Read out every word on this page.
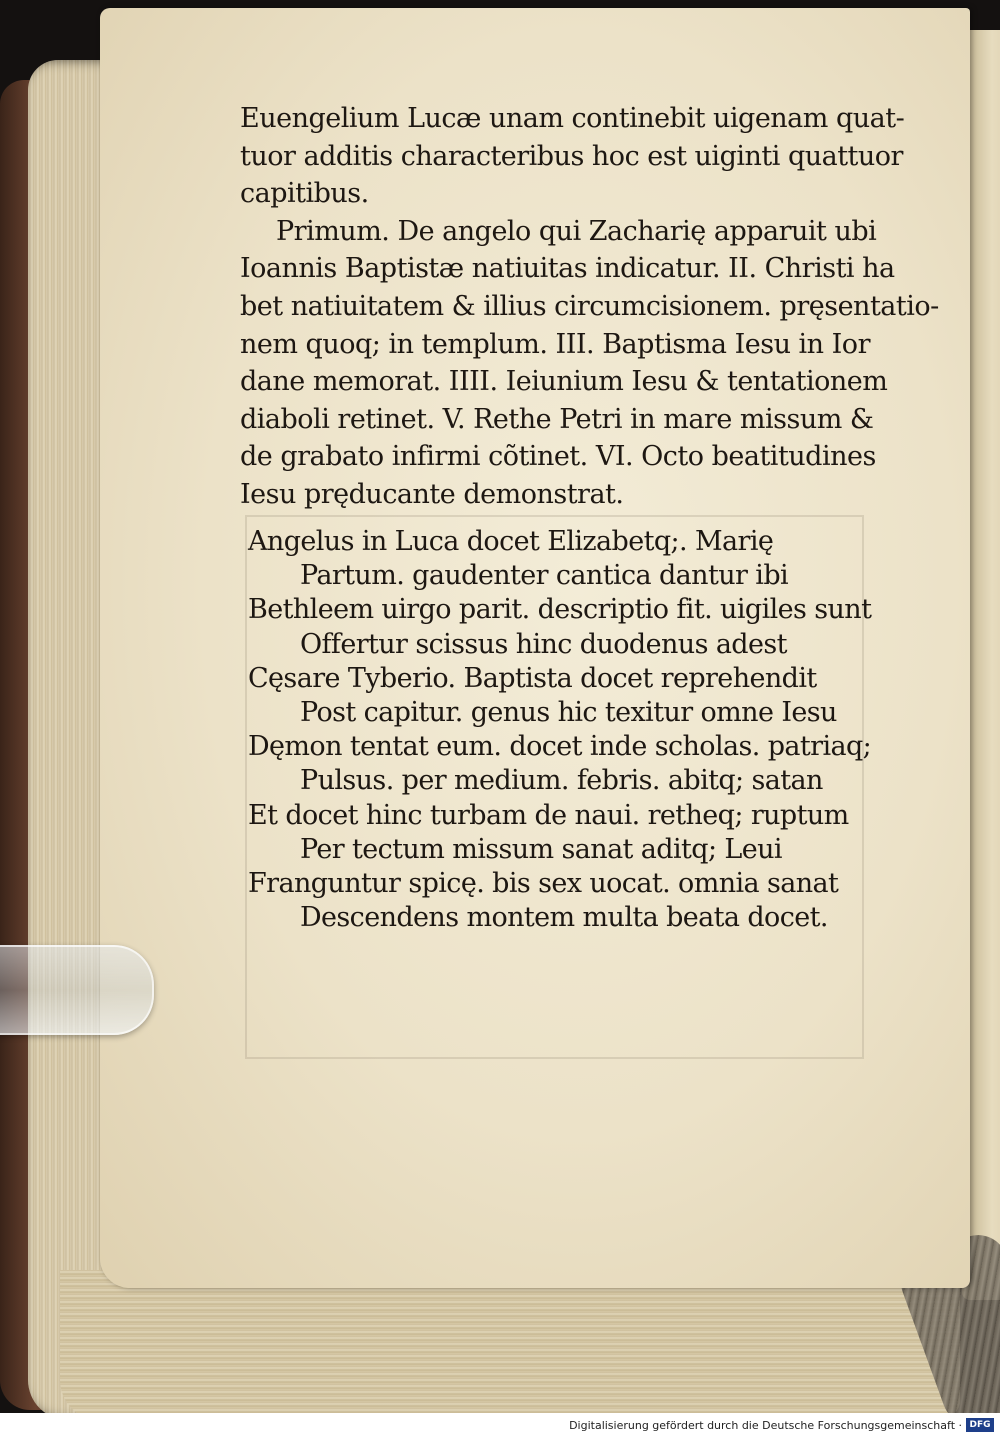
Euengelium Lucæ unam continebit uigenam quat-
tuor additis characteribus hoc est uiginti quattuor
capitibus.
Primum. De angelo qui Zacharię apparuit ubi
Ioannis Baptistæ natiuitas indicatur. II. Christi ha
bet natiuitatem & illius circumcisionem. pręsentatio-
nem quoq; in templum. III. Baptisma Iesu in Ior
dane memorat. IIII. Ieiunium Iesu & tentationem
diaboli retinet. V. Rethe Petri in mare missum &
de grabato infirmi cõtinet. VI. Octo beatitudines
Iesu pręducante demonstrat.
Angelus in Luca docet Elizabetq;. Marię
Partum. gaudenter cantica dantur ibi
Bethleem uirgo parit. descriptio fit. uigiles sunt
Offertur scissus hinc duodenus adest
Cęsare Tyberio. Baptista docet reprehendit
Post capitur. genus hic texitur omne Iesu
Dęmon tentat eum. docet inde scholas. patriaq;
Pulsus. per medium. febris. abitq; satan
Et docet hinc turbam de naui. retheq; ruptum
Per tectum missum sanat aditq; Leui
Franguntur spicę. bis sex uocat. omnia sanat
Descendens montem multa beata docet.
Digitalisierung gefördert durch die Deutsche Forschungsgemeinschaft · DFG
